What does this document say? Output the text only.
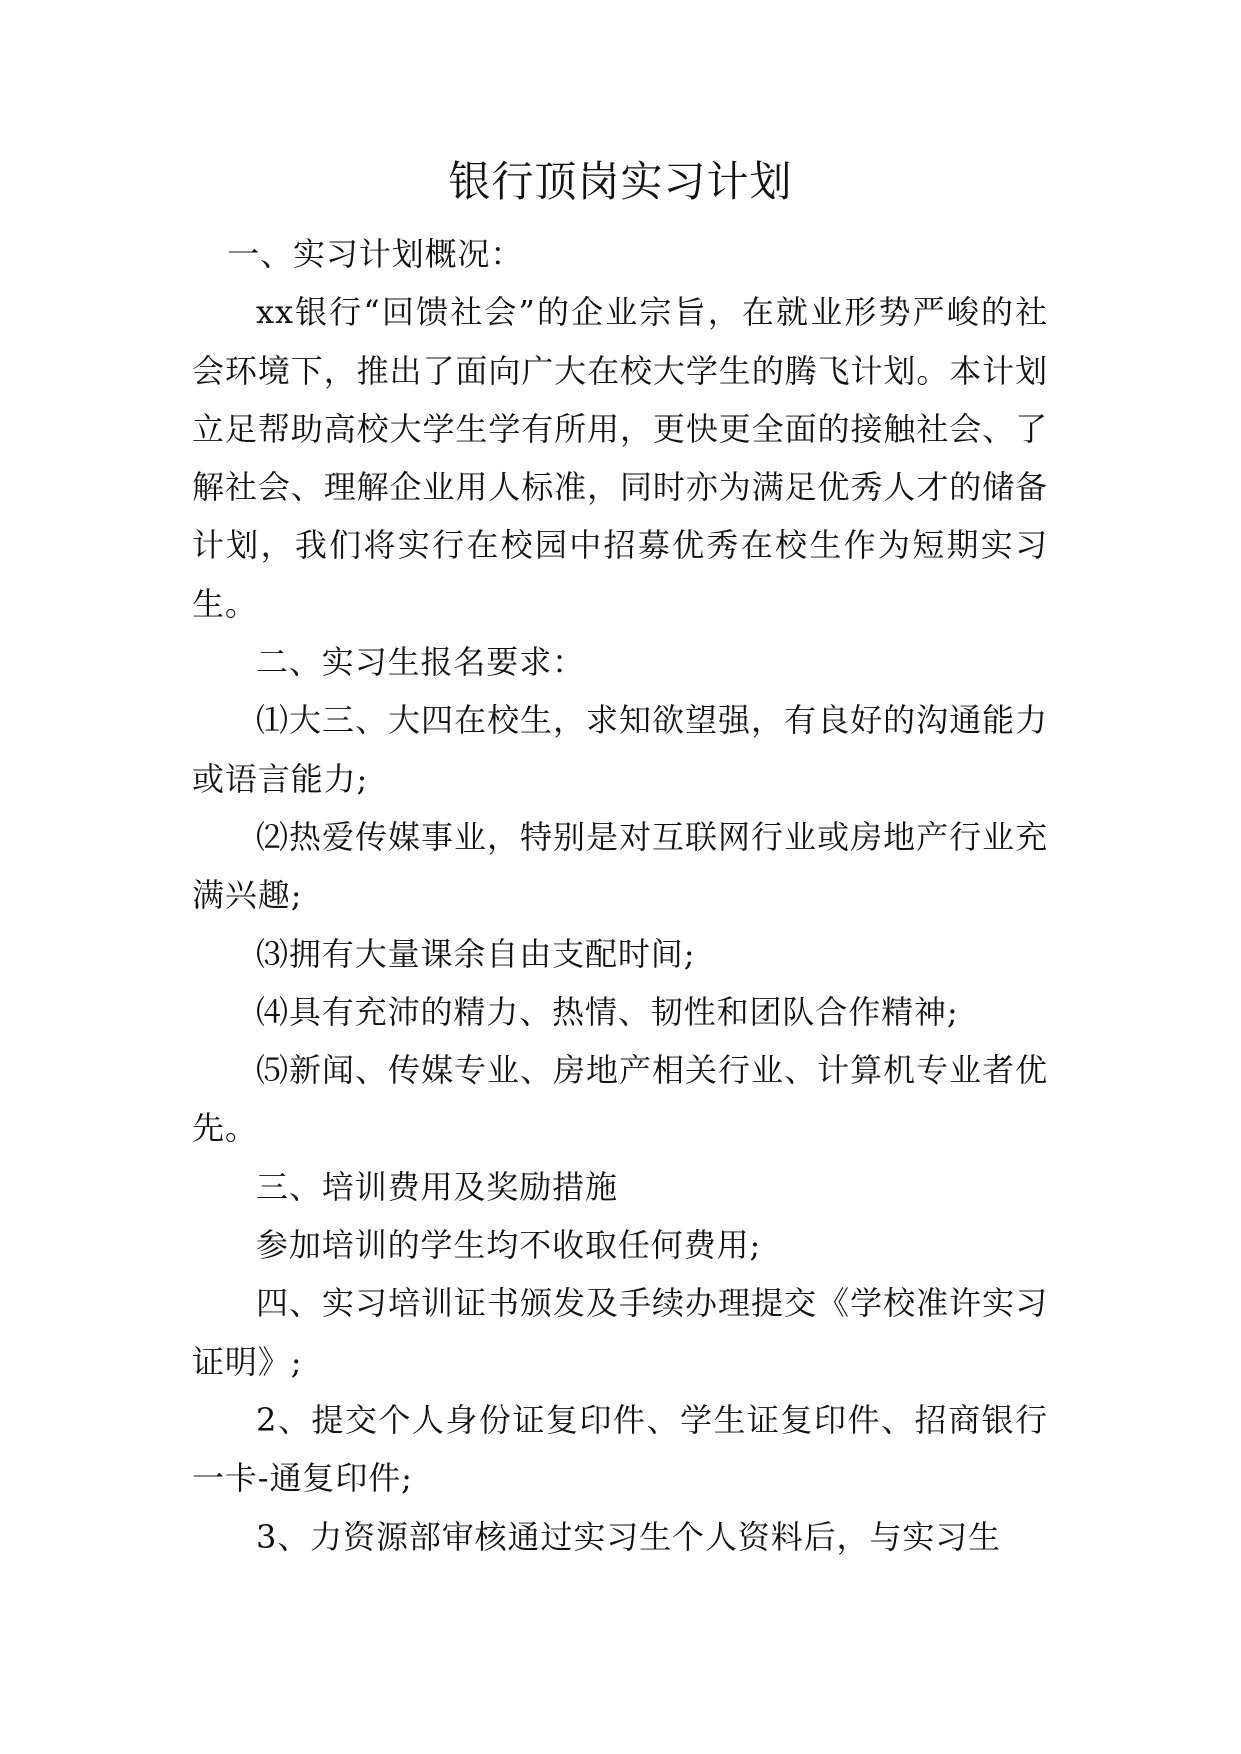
银行顶岗实习计划

一、实习计划概况：

xx银行“回馈社会”的企业宗旨，在就业形势严峻的社会环境下，推出了面向广大在校大学生的腾飞计划。本计划立足帮助高校大学生学有所用，更快更全面的接触社会、了解社会、理解企业用人标准，同时亦为满足优秀人才的储备计划，我们将实行在校园中招募优秀在校生作为短期实习生。

二、实习生报名要求：

⑴大三、大四在校生，求知欲望强，有良好的沟通能力或语言能力;

⑵热爱传媒事业，特别是对互联网行业或房地产行业充满兴趣;

⑶拥有大量课余自由支配时间;

⑷具有充沛的精力、热情、韧性和团队合作精神;

⑸新闻、传媒专业、房地产相关行业、计算机专业者优先。

三、培训费用及奖励措施

参加培训的学生均不收取任何费用;

四、实习培训证书颁发及手续办理提交《学校准许实习证明》;

2、提交个人身份证复印件、学生证复印件、招商银行一卡-通复印件;

3、力资源部审核通过实习生个人资料后，与实习生
